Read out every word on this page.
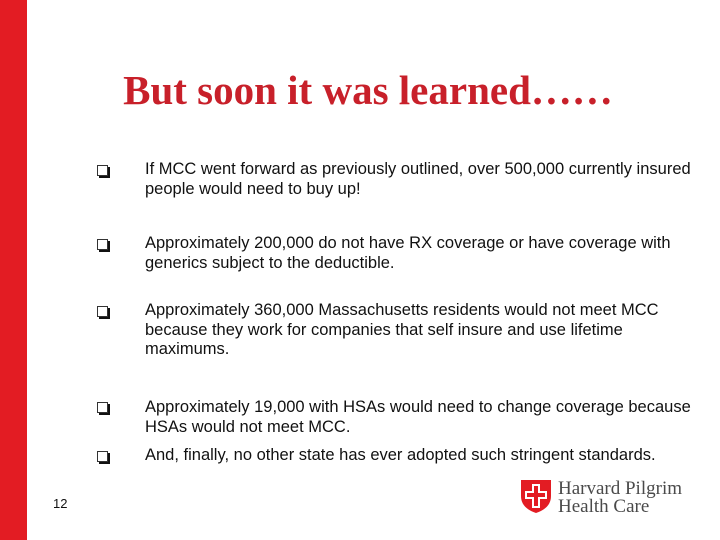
But soon it was learned……
If MCC went forward as previously outlined, over 500,000 currently insured people would need to buy up!
Approximately 200,000 do not have RX coverage or have coverage with generics subject to the deductible.
Approximately 360,000 Massachusetts residents would not meet MCC because they work for companies that self insure and use lifetime maximums.
Approximately 19,000 with HSAs would need to change coverage because HSAs would not meet MCC.
And, finally, no other state has ever adopted such stringent standards.
12
Harvard Pilgrim
Health Care
